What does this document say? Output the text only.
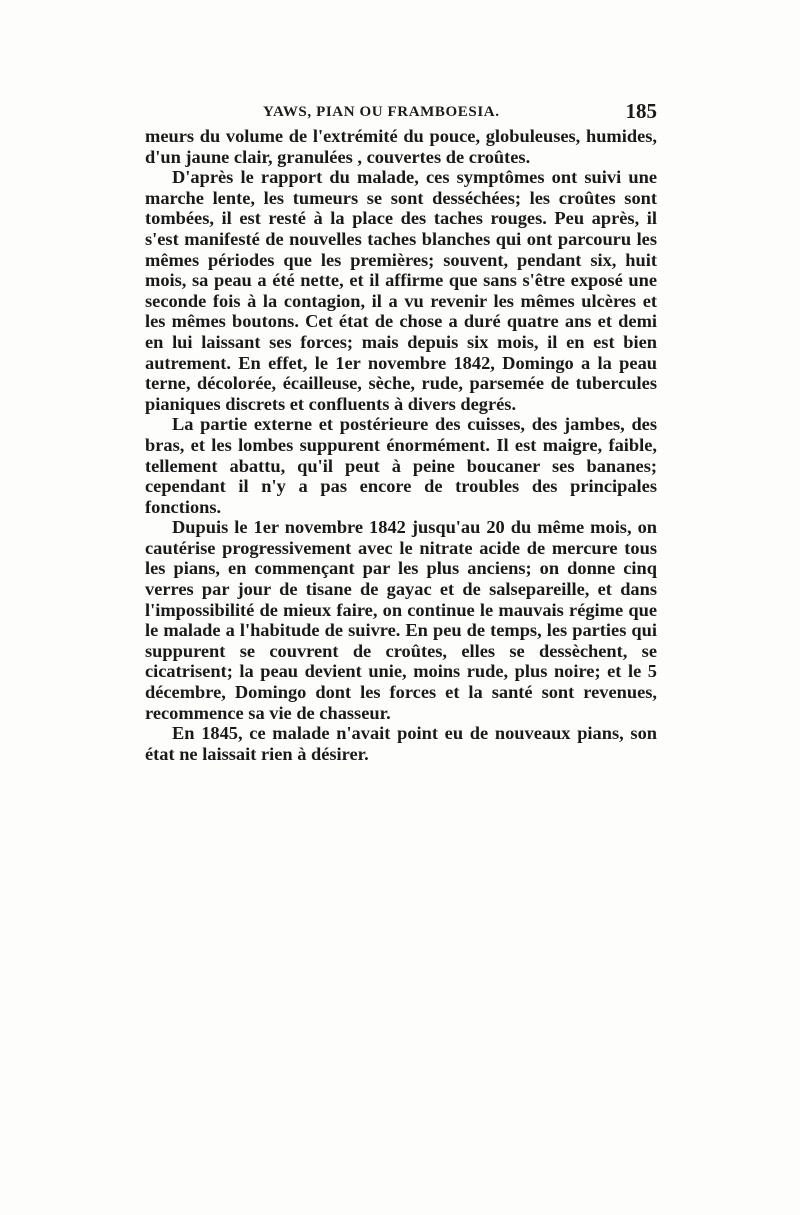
YAWS, PIAN OU FRAMBOESIA.	185

meurs du volume de l'extrémité du pouce, globuleuses, humides, d'un jaune clair, granulées , couvertes de croûtes.

D'après le rapport du malade, ces symptômes ont suivi une marche lente, les tumeurs se sont desséchées; les croûtes sont tombées, il est resté à la place des taches rouges. Peu après, il s'est manifesté de nouvelles taches blanches qui ont parcouru les mêmes périodes que les premières; souvent, pendant six, huit mois, sa peau a été nette, et il affirme que sans s'être exposé une seconde fois à la contagion, il a vu revenir les mêmes ulcères et les mêmes boutons. Cet état de chose a duré quatre ans et demi en lui laissant ses forces; mais depuis six mois, il en est bien autrement. En effet, le 1er novembre 1842, Domingo a la peau terne, décolorée, écailleuse, sèche, rude, parsemée de tubercules pianiques discrets et confluents à divers degrés.

La partie externe et postérieure des cuisses, des jambes, des bras, et les lombes suppurent énormément. Il est maigre, faible, tellement abattu, qu'il peut à peine boucaner ses bananes; cependant il n'y a pas encore de troubles des principales fonctions.

Dupuis le 1er novembre 1842 jusqu'au 20 du même mois, on cautérise progressivement avec le nitrate acide de mercure tous les pians, en commençant par les plus anciens; on donne cinq verres par jour de tisane de gayac et de salsepareille, et dans l'impossibilité de mieux faire, on continue le mauvais régime que le malade a l'habitude de suivre. En peu de temps, les parties qui suppurent se couvrent de croûtes, elles se dessèchent, se cicatrisent; la peau devient unie, moins rude, plus noire; et le 5 décembre, Domingo dont les forces et la santé sont revenues, recommence sa vie de chasseur.

En 1845, ce malade n'avait point eu de nouveaux pians, son état ne laissait rien à désirer.
